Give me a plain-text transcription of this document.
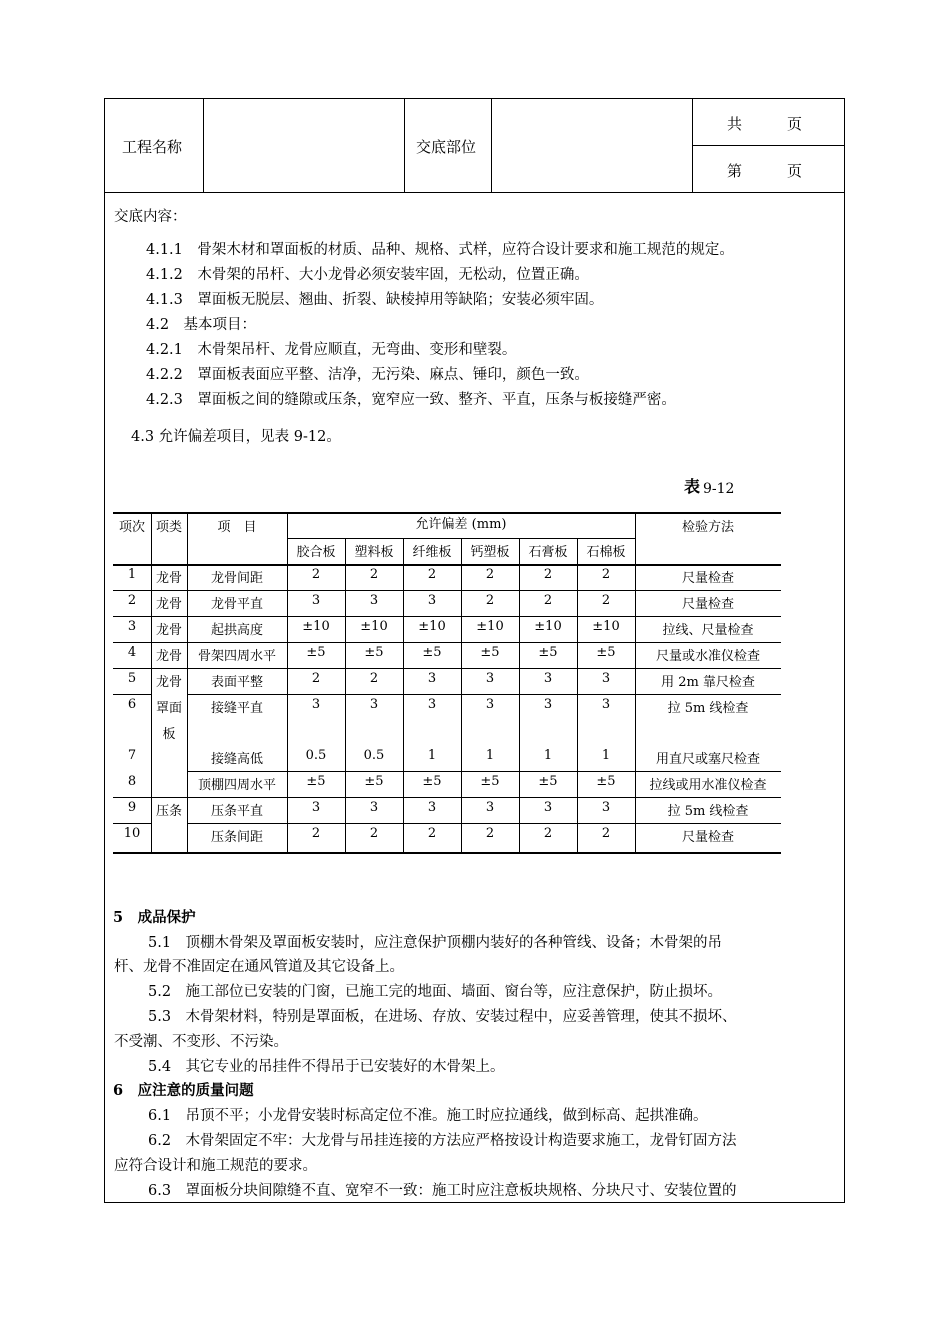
工程名称	交底部位
共　　　页
第　　　页
交底内容：
4.1.1　骨架木材和罩面板的材质、品种、规格、式样，应符合设计要求和施工规范的规定。
4.1.2　木骨架的吊杆、大小龙骨必须安装牢固，无松动，位置正确。
4.1.3　罩面板无脱层、翘曲、折裂、缺棱掉用等缺陷；安装必须牢固。
4.2　基本项目：
4.2.1　木骨架吊杆、龙骨应顺直，无弯曲、变形和壁裂。
4.2.2　罩面板表面应平整、洁净，无污染、麻点、锤印，颜色一致。
4.2.3　罩面板之间的缝隙或压条，宽窄应一致、整齐、平直，压条与板接缝严密。
4.3 允许偏差项目，见表 9-12。
表 9-12
项次 项类	项　目	允许偏差 (mm)	检验方法
胶合板	塑料板	纤维板	钙塑板	石膏板	石棉板
1	龙骨	龙骨间距	2	2	2	2	2	2	尺量检查
2	龙骨	龙骨平直	3	3	3	2	2	2	尺量检查
3	龙骨	起拱高度	±10	±10	±10	±10	±10	±10	拉线、尺量检查
4	龙骨	骨架四周水平	±5	±5	±5	±5	±5	±5	尺量或水准仪检查
5	龙骨	表面平整	2	2	3	3	3	3	用 2m 靠尺检查
6	罩面	接缝平直	3	3	3	3	3	3	拉 5m 线检查
7	接缝高低	0.5	0.5	1	1	1	1	用直尺或塞尺检查
8	顶棚四周水平	±5	±5	±5	±5	±5	±5	拉线或用水准仪检查
9	压条	压条平直	3	3	3	3	3	3	拉 5m 线检查
10	压条间距	2	2	2	2	2	2	尺量检查
板
5　成品保护
5.1　顶棚木骨架及罩面板安装时，应注意保护顶棚内装好的各种管线、设备；木骨架的吊
杆、龙骨不准固定在通风管道及其它设备上。
5.2　施工部位已安装的门窗，已施工完的地面、墙面、窗台等，应注意保护，防止损坏。
5.3　木骨架材料，特别是罩面板，在进场、存放、安装过程中，应妥善管理，使其不损坏、
不受潮、不变形、不污染。
5.4　其它专业的吊挂件不得吊于已安装好的木骨架上。
6　应注意的质量问题
6.1　吊顶不平；小龙骨安装时标高定位不准。施工时应拉通线，做到标高、起拱准确。
6.2　木骨架固定不牢：大龙骨与吊挂连接的方法应严格按设计构造要求施工，龙骨钉固方法
应符合设计和施工规范的要求。
6.3　罩面板分块间隙缝不直、宽窄不一致：施工时应注意板块规格、分块尺寸、安装位置的
